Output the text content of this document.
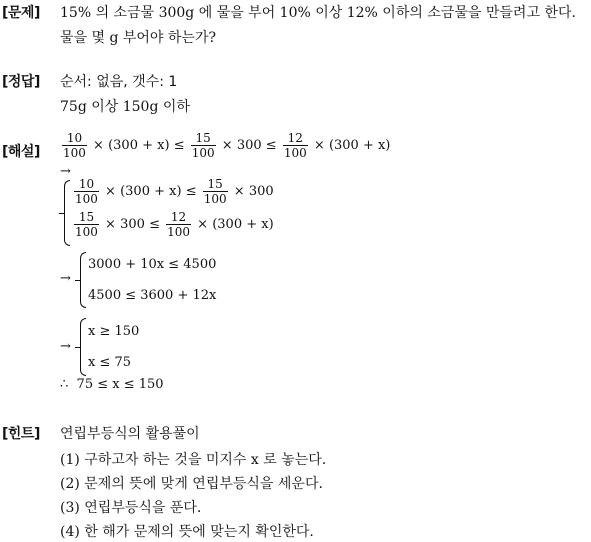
[문제] 15% 의 소금물 300g 에 물을 부어 10% 이상 12% 이하의 소금물을 만들려고 한다.
물을 몇 g 부어야 하는가?
[정답] 순서: 없음, 갯수: 1
75g 이상 150g 이하
[해설] $\frac{10}{100} \times (300 + x) \le \frac{15}{100} \times 300 \le \frac{12}{100} \times (300 + x)$
→
$\frac{10}{100} \times (300 + x) \le \frac{15}{100} \times 300$
$\frac{15}{100} \times 300 \le \frac{12}{100} \times (300 + x)$
→
3000 + 10x ≤ 4500
4500 ≤ 3600 + 12x
→
x ≥ 150
x ≤ 75
∴ 75 ≤ x ≤ 150
[힌트] 연립부등식의 활용풀이
(1) 구하고자 하는 것을 미지수 x 로 놓는다.
(2) 문제의 뜻에 맞게 연립부등식을 세운다.
(3) 연립부등식을 푼다.
(4) 한 해가 문제의 뜻에 맞는지 확인한다.
